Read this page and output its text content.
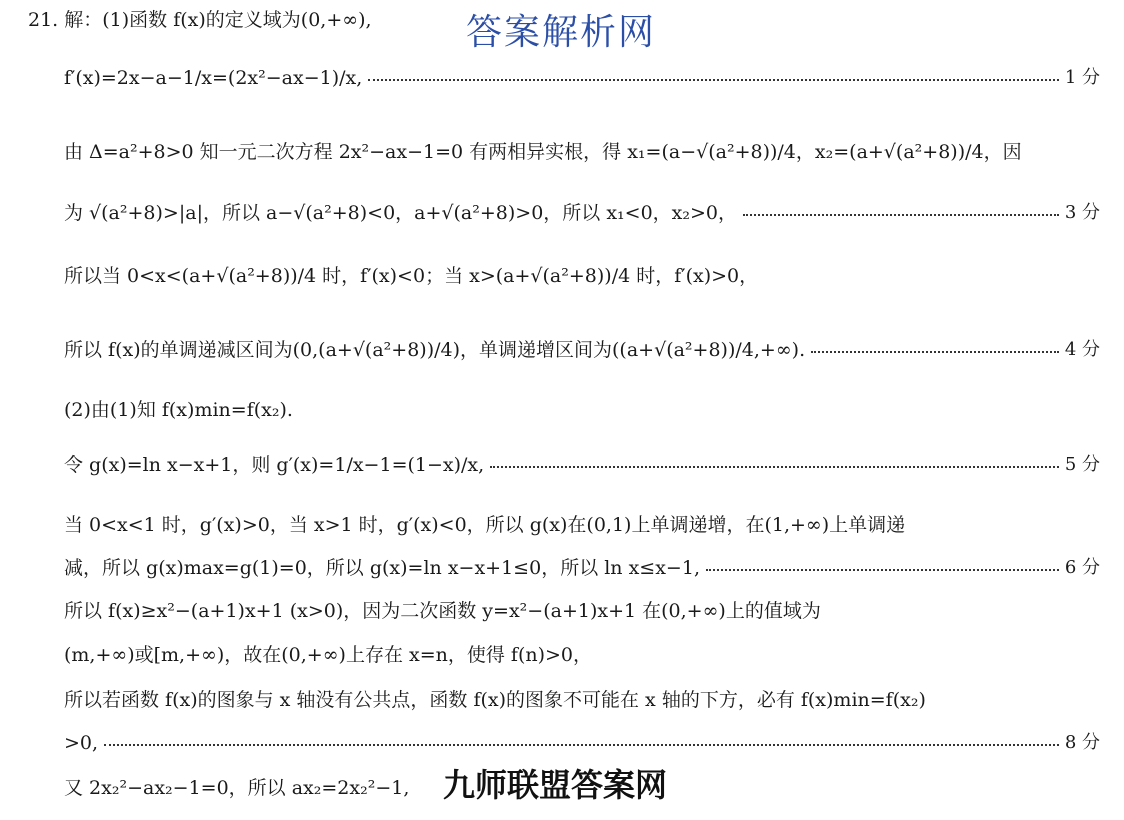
21. 解：(1)函数 f(x)的定义域为(0,+∞),
f′(x)=2x−a−1/x=(2x²−ax−1)/x,	1 分
由 Δ=a²+8>0 知一元二次方程 2x²−ax−1=0 有两相异实根，得 x₁=(a−√(a²+8))/4，x₂=(a+√(a²+8))/4，因
为 √(a²+8)>|a|，所以 a−√(a²+8)<0，a+√(a²+8)>0，所以 x₁<0，x₂>0，	3 分
所以当 0<x<(a+√(a²+8))/4 时，f′(x)<0；当 x>(a+√(a²+8))/4 时，f′(x)>0，
所以 f(x)的单调递减区间为(0,(a+√(a²+8))/4)，单调递增区间为((a+√(a²+8))/4,+∞).	4 分
(2)由(1)知 f(x)min=f(x₂).
令 g(x)=ln x−x+1，则 g′(x)=1/x−1=(1−x)/x,	5 分
当 0<x<1 时，g′(x)>0，当 x>1 时，g′(x)<0，所以 g(x)在(0,1)上单调递增，在(1,+∞)上单调递
减，所以 g(x)max=g(1)=0，所以 g(x)=ln x−x+1≤0，所以 ln x≤x−1,	6 分
所以 f(x)≥x²−(a+1)x+1 (x>0)，因为二次函数 y=x²−(a+1)x+1 在(0,+∞)上的值域为
(m,+∞)或[m,+∞)，故在(0,+∞)上存在 x=n，使得 f(n)>0，
所以若函数 f(x)的图象与 x 轴没有公共点，函数 f(x)的图象不可能在 x 轴的下方，必有 f(x)min=f(x₂)
>0,	8 分
又 2x₂²−ax₂−1=0，所以 ax₂=2x₂²−1,
答案解析网
九师联盟答案网
